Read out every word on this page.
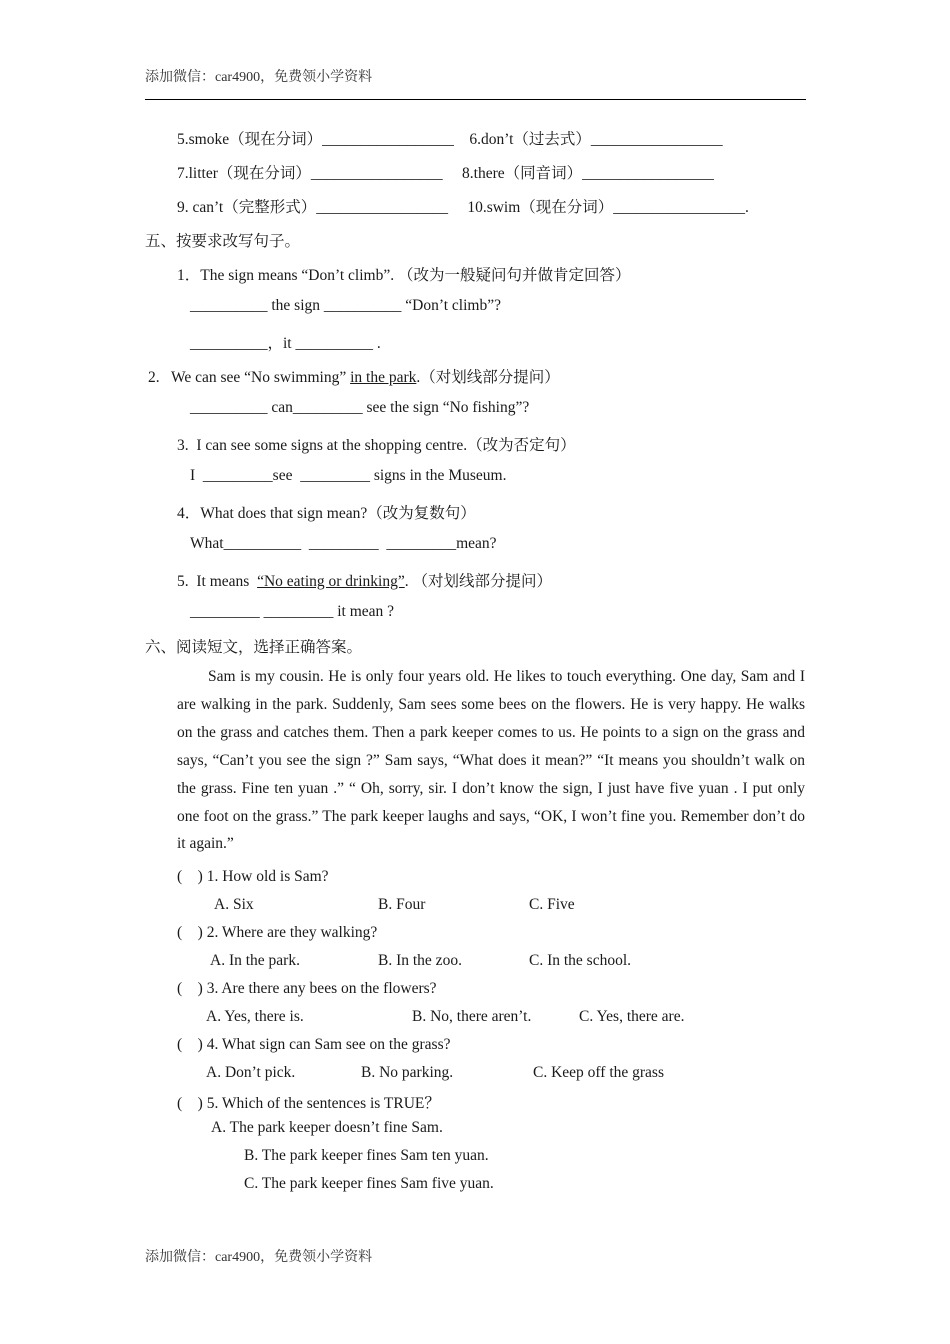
添加微信：car4900，免费领小学资料
5.smoke（现在分词）_________________    6.don’t（过去式）_________________
7.litter（现在分词）_________________     8.there（同音词）_________________
9. can’t（完整形式）_________________     10.swim（现在分词）_________________.
五、按要求改写句子。
1．The sign means “Don’t climb”. （改为一般疑问句并做肯定回答）
__________ the sign __________ “Don’t climb”?
__________，it __________ .
2.   We can see “No swimming” in the park.（对划线部分提问）
__________ can_________ see the sign “No fishing”?
3.  I can see some signs at the shopping centre.（改为否定句）
I  _________see  _________ signs in the Museum.
4．What does that sign mean?（改为复数句）
What__________  _________  _________mean?
5.  It means  “No eating or drinking”. （对划线部分提问）
_________ _________ it mean ?
六、阅读短文，选择正确答案。
Sam is my cousin. He is only four years old. He likes to touch everything. One day, Sam and I are walking in the park. Suddenly, Sam sees some bees on the flowers. He is very happy. He walks on the grass and catches them. Then a park keeper comes to us. He points to a sign on the grass and says, “Can’t you see the sign ?” Sam says, “What does it mean?” “It means you shouldn’t walk on the grass. Fine ten yuan .” “ Oh, sorry, sir. I don’t know the sign, I just have five yuan . I put only one foot on the grass.” The park keeper laughs and says, “OK, I won’t fine you. Remember don’t do it again.”
(    ) 1. How old is Sam?
A. Six	B. Four	C. Five
(    ) 2. Where are they walking?
A. In the park.	B. In the zoo.	C. In the school.
(    ) 3. Are there any bees on the flowers?
A. Yes, there is.	B. No, there aren’t.	C. Yes, there are.
(    ) 4. What sign can Sam see on the grass?
A. Don’t pick.	B. No parking.	C. Keep off the grass
(    ) 5. Which of the sentences is TRUE？
A. The park keeper doesn’t fine Sam.
B. The park keeper fines Sam ten yuan.
C. The park keeper fines Sam five yuan.
添加微信：car4900，免费领小学资料
